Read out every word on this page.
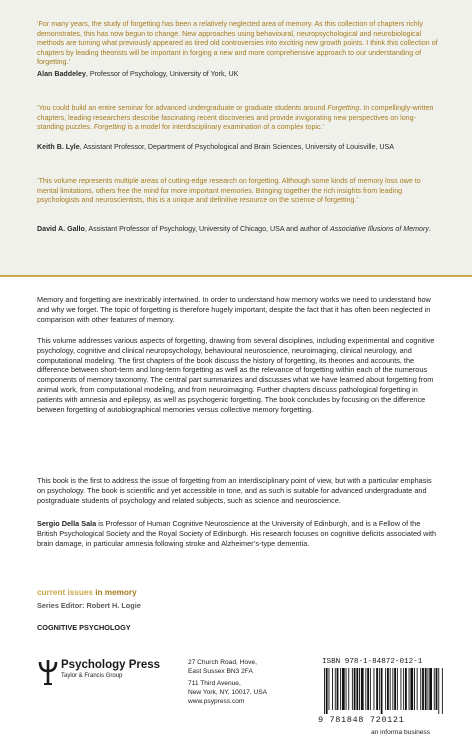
‘For many years, the study of forgetting has been a relatively neglected area of memory. As this collection of chapters richly demonstrates, this has now begun to change. New approaches using behavioural, neuropsychological and neurobiological methods are turning what previously appeared as tired old controversies into exciting new growth points. I think this collection of chapters by leading theorists will be important in forging a new and more comprehensive approach to our understanding of forgetting.’

Alan Baddeley, Professor of Psychology, University of York, UK

‘You could build an entire seminar for advanced undergraduate or graduate students around Forgetting. In compellingly-written chapters, leading researchers describe fascinating recent discoveries and provide invigorating new perspectives on long-standing puzzles. Forgetting is a model for interdisciplinary examination of a complex topic.’

Keith B. Lyle, Assistant Professor, Department of Psychological and Brain Sciences, University of Louisville, USA

‘This volume represents multiple areas of cutting-edge research on forgetting. Although some kinds of memory loss owe to mental limitations, others free the mind for more important memories. Bringing together the rich insights from leading psychologists and neuroscientists, this is a unique and definitive resource on the science of forgetting.’

David A. Gallo, Assistant Professor of Psychology, University of Chicago, USA and author of Associative Illusions of Memory.

Memory and forgetting are inextricably intertwined. In order to understand how memory works we need to understand how and why we forget. The topic of forgetting is therefore hugely important, despite the fact that it has often been neglected in comparison with other features of memory.

This volume addresses various aspects of forgetting, drawing from several disciplines, including experimental and cognitive psychology, cognitive and clinical neuropsychology, behavioural neuroscience, neuroimaging, clinical neurology, and computational modeling. The first chapters of the book discuss the history of forgetting, its theories and accounts, the difference between short-term and long-term forgetting as well as the relevance of forgetting within each of the numerous components of memory taxonomy. The central part summarizes and discusses what we have learned about forgetting from animal work, from computational modeling, and from neuroimaging. Further chapters discuss pathological forgetting in patients with amnesia and epilepsy, as well as psychogenic forgetting. The book concludes by focusing on the difference between forgetting of autobiographical memories versus collective memory forgetting.

This book is the first to address the issue of forgetting from an interdisciplinary point of view, but with a particular emphasis on psychology. The book is scientific and yet accessible in tone, and as such is suitable for advanced undergraduate and postgraduate students of psychology and related subjects, such as science and neuroscience.

Sergio Della Sala is Professor of Human Cognitive Neuroscience at the University of Edinburgh, and is a Fellow of the British Psychological Society and the Royal Society of Edinburgh. His research focuses on cognitive deficits associated with brain damage, in particular amnesia following stroke and Alzheimer’s-type dementia.

current issues in memory
Series Editor: Robert H. Logie
COGNITIVE PSYCHOLOGY
Psychology Press
Taylor & Francis Group
27 Church Road, Hove,
East Sussex BN3 2FA
711 Third Avenue,
New York, NY, 10017, USA
www.psypress.com
ISBN 978-1-84872-012-1
9 781848 720121
an informa business
